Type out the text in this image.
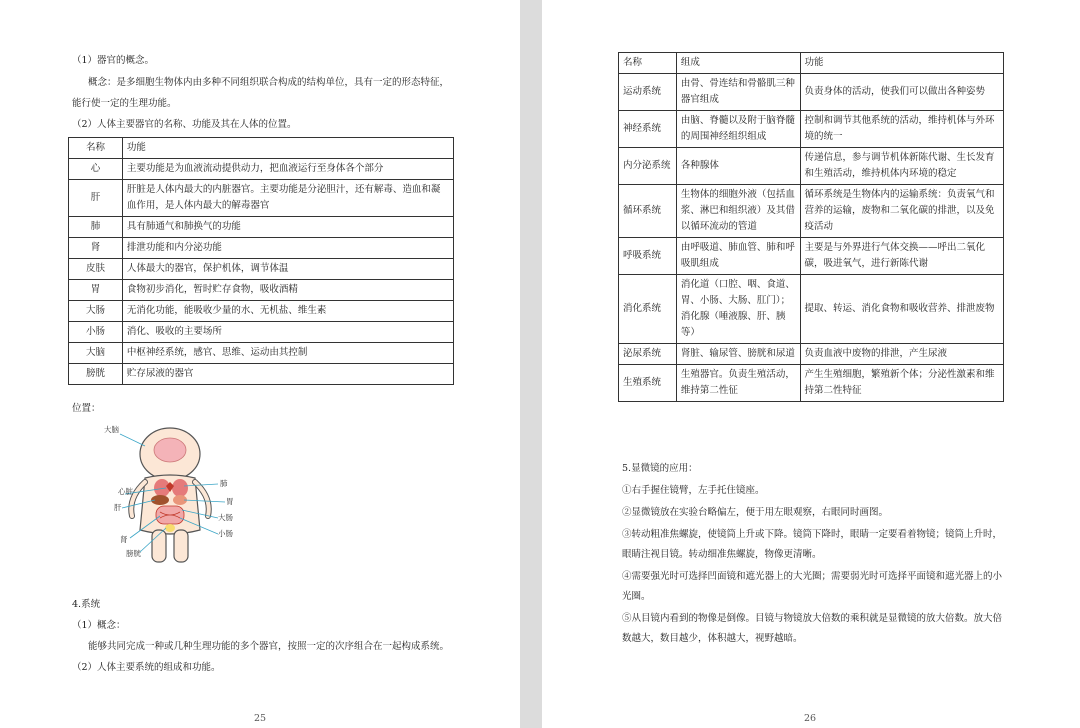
（1）器官的概念。
概念：是多细胞生物体内由多种不同组织联合构成的结构单位，具有一定的形态特征，
能行使一定的生理功能。
（2）人体主要器官的名称、功能及其在人体的位置。
名称	功能
心	主要功能是为血液流动提供动力，把血液运行至身体各个部分
肝	肝脏是人体内最大的内脏器官。主要功能是分泌胆汁，还有解毒、造血和凝血作用，是人体内最大的解毒器官
肺	具有肺通气和肺换气的功能
肾	排泄功能和内分泌功能
皮肤	人体最大的器官，保护机体，调节体温
胃	食物初步消化，暂时贮存食物，吸收酒精
大肠	无消化功能，能吸收少量的水、无机盐、维生素
小肠	消化、吸收的主要场所
大脑	中枢神经系统，感官、思维、运动由其控制
膀胱	贮存尿液的器官
位置：
大脑
心脏
肝
肺
胃
大肠
小肠
肾
膀胱
4.系统
（1）概念：
能够共同完成一种或几种生理功能的多个器官，按照一定的次序组合在一起构成系统。
（2）人体主要系统的组成和功能。
25
名称	组成	功能
运动系统	由骨、骨连结和骨骼肌三种器官组成	负责身体的活动，使我们可以做出各种姿势
神经系统	由脑、脊髓以及附于脑脊髓的周围神经组织组成	控制和调节其他系统的活动，维持机体与外环境的统一
内分泌系统	各种腺体	传递信息，参与调节机体新陈代谢、生长发育和生殖活动，维持机体内环境的稳定
循环系统	生物体的细胞外液（包括血浆、淋巴和组织液）及其借以循环流动的管道	循环系统是生物体内的运输系统：负责氧气和营养的运输，废物和二氧化碳的排泄，以及免疫活动
呼吸系统	由呼吸道、肺血管、肺和呼吸肌组成	主要是与外界进行气体交换——呼出二氧化碳，吸进氧气，进行新陈代谢
消化系统	消化道（口腔、咽、食道、胃、小肠、大肠、肛门）；消化腺（唾液腺、肝、胰等）	提取、转运、消化食物和吸收营养、排泄废物
泌尿系统	肾脏、输尿管、膀胱和尿道	负责血液中废物的排泄，产生尿液
生殖系统	生殖器官。负责生殖活动，维持第二性征	产生生殖细胞，繁殖新个体；分泌性激素和维持第二性特征
5.显微镜的应用：
①右手握住镜臂，左手托住镜座。
②显微镜放在实验台略偏左，便于用左眼观察，右眼同时画图。
③转动粗准焦螺旋，使镜筒上升或下降。镜筒下降时，眼睛一定要看着物镜；镜筒上升时，
眼睛注视目镜。转动细准焦螺旋，物像更清晰。
④需要强光时可选择凹面镜和遮光器上的大光圈；需要弱光时可选择平面镜和遮光器上的小
光圈。
⑤从目镜内看到的物像是倒像。目镜与物镜放大倍数的乘积就是显微镜的放大倍数。放大倍
数越大，数目越少，体积越大，视野越暗。
26
